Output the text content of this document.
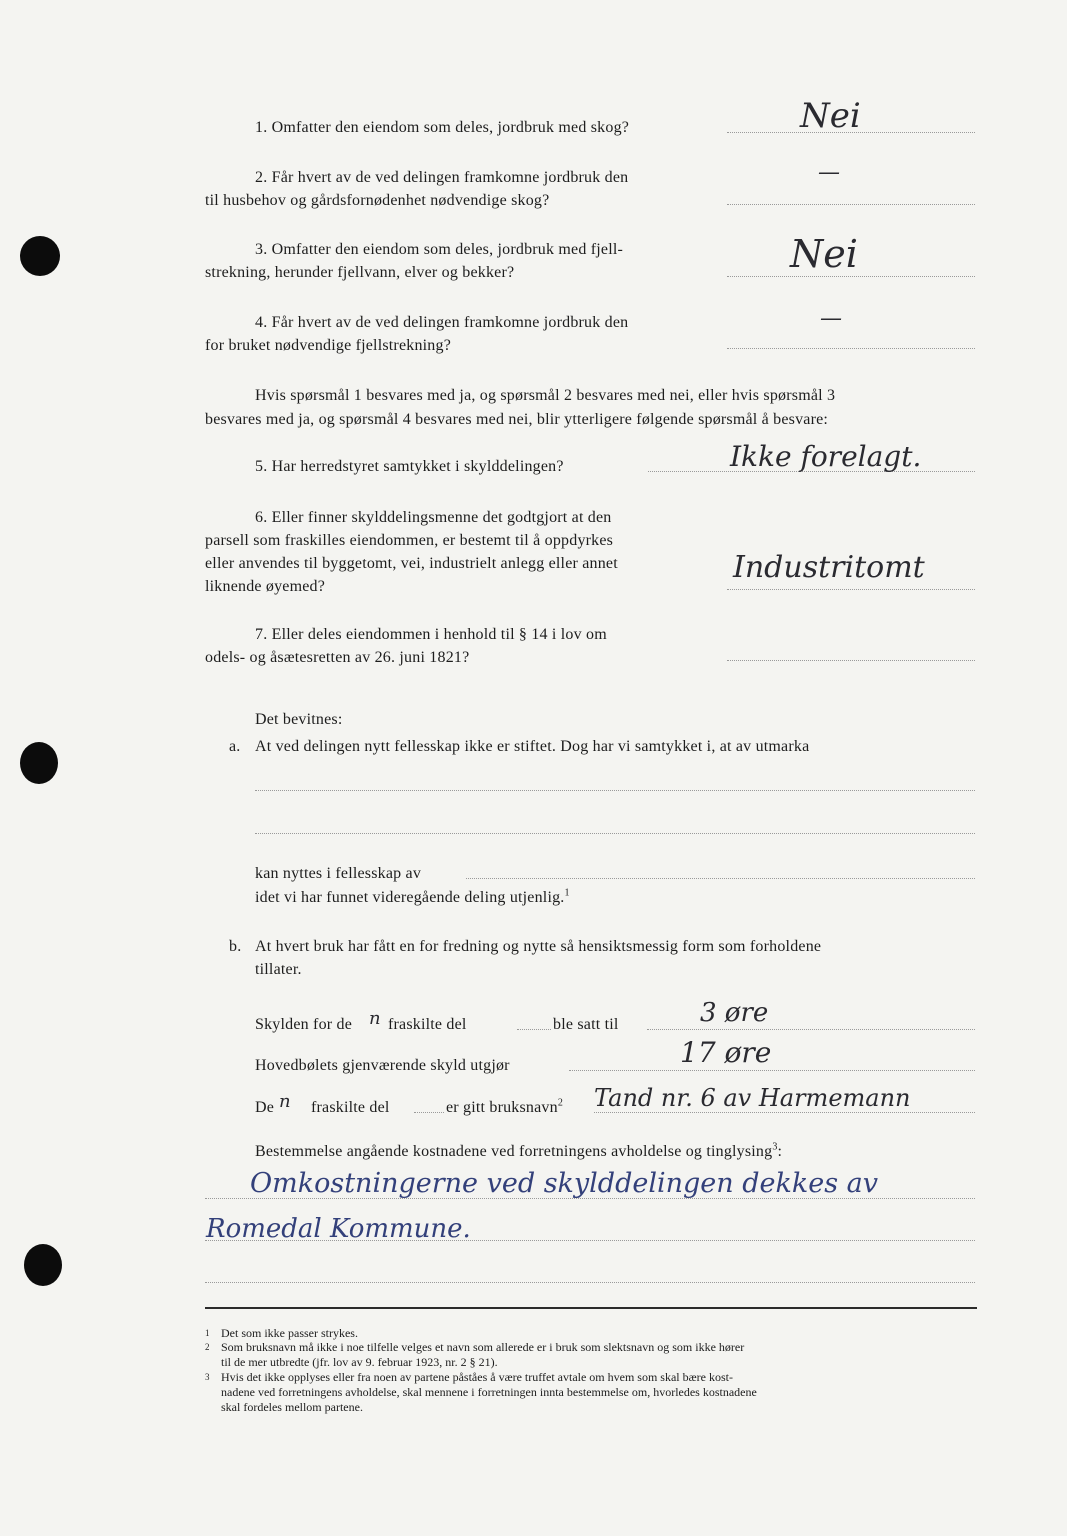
1. Omfatter den eiendom som deles, jordbruk med skog?	Nei
2. Får hvert av de ved delingen framkomne jordbruk den
til husbehov og gårdsfornødenhet nødvendige skog?
—
3. Omfatter den eiendom som deles, jordbruk med fjell-
strekning, herunder fjellvann, elver og bekker?	Nei
4. Får hvert av de ved delingen framkomne jordbruk den
for bruket nødvendige fjellstrekning?
—
Hvis spørsmål 1 besvares med ja, og spørsmål 2 besvares med nei, eller hvis spørsmål 3
besvares med ja, og spørsmål 4 besvares med nei, blir ytterligere følgende spørsmål å besvare:
5. Har herredstyret samtykket i skylddelingen?	Ikke forelagt.
6. Eller finner skylddelingsmenne det godtgjort at den
parsell som fraskilles eiendommen, er bestemt til å oppdyrkes
eller anvendes til byggetomt, vei, industrielt anlegg eller annet
liknende øyemed?
Industritomt
7. Eller deles eiendommen i henhold til § 14 i lov om
odels- og åsætesretten av 26. juni 1821?
Det bevitnes:
a. At ved delingen nytt fellesskap ikke er stiftet. Dog har vi samtykket i, at av utmarka
kan nyttes i fellesskap av
idet vi har funnet videregående deling utjenlig.$^1$
b. At hvert bruk har fått en for fredning og nytte så hensiktsmessig form som forholdene
tillater.
Skylden for de n fraskilte del	ble satt til	3 øre
Hovedbølets gjenværende skyld utgjør	17 øre
De n fraskilte del	er gitt bruksnavn$^2$ Tand nr. 6 av Harmemann
Bestemmelse angående kostnadene ved forretningens avholdelse og tinglysing$^3$:
Omkostningerne ved skylddelingen dekkes av
Romedal Kommune.
1 Det som ikke passer strykes.
2 Som bruksnavn må ikke i noe tilfelle velges et navn som allerede er i bruk som slektsnavn og som ikke hører
til de mer utbredte (jfr. lov av 9. februar 1923, nr. 2 § 21).
3 Hvis det ikke opplyses eller fra noen av partene påståes å være truffet avtale om hvem som skal bære kost-
nadene ved forretningens avholdelse, skal mennene i forretningen innta bestemmelse om, hvorledes kostnadene
skal fordeles mellom partene.
